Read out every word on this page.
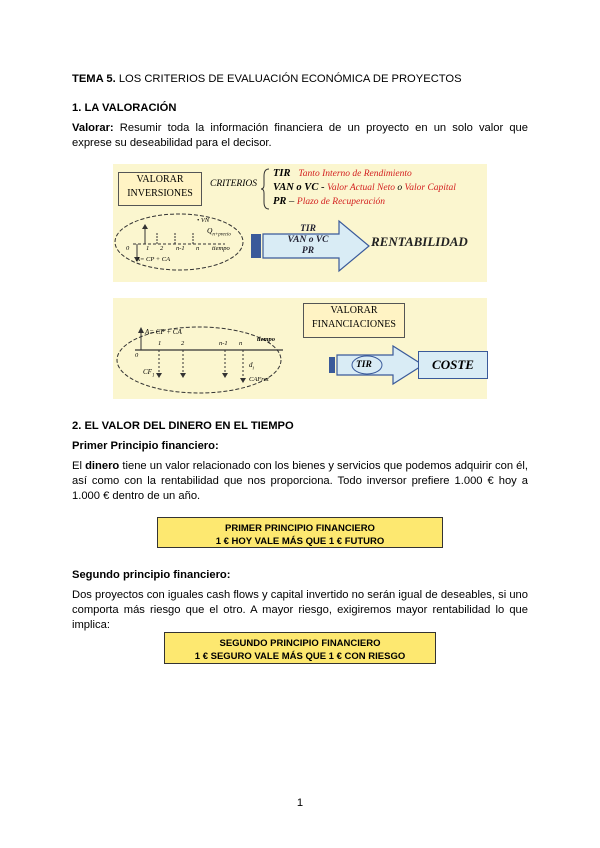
TEMA 5. LOS CRITERIOS DE EVALUACIÓN ECONÓMICA DE PROYECTOS
1. LA VALORACIÓN
Valorar: Resumir toda la información financiera de un proyecto en un solo valor que exprese su deseabilidad para el decisor.
VALORAR
INVERSIONES
CRITERIOS
TIR Tanto Interno de Rendimiento
VAN o VC - Valor Actual Neto o Valor Capital
PR – Plazo de Recuperación
• VN
$Q_{n+precio}$
0	1 2 n-1 n tiempo
A= CP + CA
TIR
VAN o VC
PR
RENTABILIDAD
VALORAR
FINANCIACIONES
A= CP + CA
0
1	2	n-1 n
tiempo
$CF_1$
$d_i$
CAFrat
TIR	COSTE
2. EL VALOR DEL DINERO EN EL TIEMPO
Primer Principio financiero:
El dinero tiene un valor relacionado con los bienes y servicios que podemos adquirir con él, así como con la rentabilidad que nos proporciona. Todo inversor prefiere 1.000 € hoy a 1.000 € dentro de un año.
PRIMER PRINCIPIO FINANCIERO
1 € HOY VALE MÁS QUE 1 € FUTURO
Segundo principio financiero:
Dos proyectos con iguales cash flows y capital invertido no serán igual de deseables, si uno comporta más riesgo que el otro. A mayor riesgo, exigiremos mayor rentabilidad lo que implica:
SEGUNDO PRINCIPIO FINANCIERO
1 € SEGURO VALE MÁS QUE 1 € CON RIESGO
1
